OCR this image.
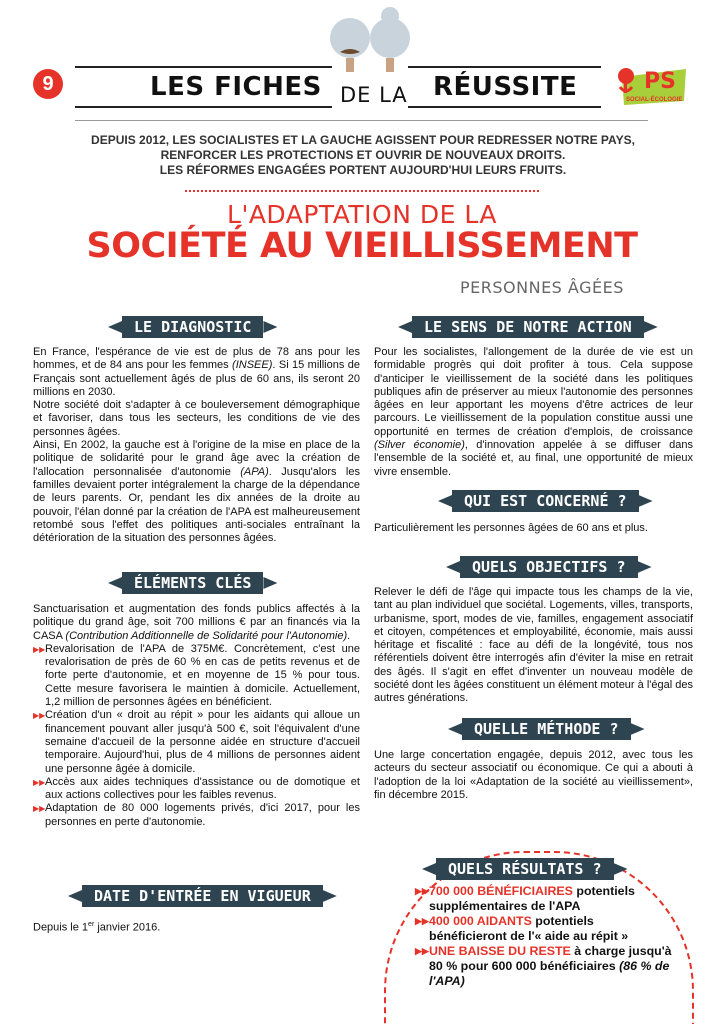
9	LES FICHES DE LA RÉUSSITE	PS
SOCIAL-ÉCOLOGIE
DEPUIS 2012, LES SOCIALISTES ET LA GAUCHE AGISSENT POUR REDRESSER NOTRE PAYS,
RENFORCER LES PROTECTIONS ET OUVRIR DE NOUVEAUX DROITS.
LES RÉFORMES ENGAGÉES PORTENT AUJOURD'HUI LEURS FRUITS.
L'ADAPTATION DE LA
SOCIÉTÉ AU VIEILLISSEMENT
PERSONNES ÂGÉES
LE DIAGNOSTIC

En France, l'espérance de vie est de plus de 78 ans pour les hommes, et de 84 ans pour les femmes (INSEE). Si 15 millions de Français sont actuellement âgés de plus de 60 ans, ils seront 20 millions en 2030.

Notre société doit s'adapter à ce bouleversement démographique et favoriser, dans tous les secteurs, les conditions de vie des personnes âgées.

Ainsi, En 2002, la gauche est à l'origine de la mise en place de la politique de solidarité pour le grand âge avec la création de l'allocation personnalisée d'autonomie (APA). Jusqu'alors les familles devaient porter intégralement la charge de la dépendance de leurs parents. Or, pendant les dix années de la droite au pouvoir, l'élan donné par la création de l'APA est malheureusement retombé sous l'effet des politiques anti-sociales entraînant la détérioration de la situation des personnes âgées.

ÉLÉMENTS CLÉS

Sanctuarisation et augmentation des fonds publics affectés à la politique du grand âge, soit 700 millions € par an financés via la CASA (Contribution Additionnelle de Solidarité pour l'Autonomie).

▶▶ Revalorisation de l'APA de 375M€. Concrètement, c'est une revalorisation de près de 60 % en cas de petits revenus et de forte perte d'autonomie, et en moyenne de 15 % pour tous. Cette mesure favorisera le maintien à domicile. Actuellement, 1,2 million de personnes âgées en bénéficient.
▶▶ Création d'un « droit au répit » pour les aidants qui alloue un financement pouvant aller jusqu'à 500 €, soit l'équivalent d'une semaine d'accueil de la personne aidée en structure d'accueil temporaire. Aujourd'hui, plus de 4 millions de personnes aident une personne âgée à domicile.
▶▶ Accès aux aides techniques d'assistance ou de domotique et aux actions collectives pour les faibles revenus.
▶▶ Adaptation de 80 000 logements privés, d'ici 2017, pour les personnes en perte d'autonomie.
DATE D'ENTRÉE EN VIGUEUR
Depuis le 1er janvier 2016.
LE SENS DE NOTRE ACTION

Pour les socialistes, l'allongement de la durée de vie est un formidable progrès qui doit profiter à tous. Cela suppose d'anticiper le vieillissement de la société dans les politiques publiques afin de préserver au mieux l'autonomie des personnes âgées en leur apportant les moyens d'être actrices de leur parcours. Le vieillissement de la population constitue aussi une opportunité en termes de création d'emplois, de croissance (Silver économie), d'innovation appelée à se diffuser dans l'ensemble de la société et, au final, une opportunité de mieux vivre ensemble.

QUI EST CONCERNÉ ?
Particulièrement les personnes âgées de 60 ans et plus.
QUELS OBJECTIFS ?
Relever le défi de l'âge qui impacte tous les champs de la vie, tant au plan individuel que sociétal. Logements, villes, transports, urbanisme, sport, modes de vie, familles, engagement associatif et citoyen, compétences et employabilité, économie, mais aussi héritage et fiscalité : face au défi de la longévité, tous nos référentiels doivent être interrogés afin d'éviter la mise en retrait des âgés. Il s'agit en effet d'inventer un nouveau modèle de société dont les âgées constituent un élément moteur à l'égal des autres générations.
QUELLE MÉTHODE ?
Une large concertation engagée, depuis 2012, avec tous les acteurs du secteur associatif ou économique. Ce qui a abouti à l'adoption de la loi «Adaptation de la société au vieillissement», fin décembre 2015.
QUELS RÉSULTATS ?
▶▶ 700 000 BÉNÉFICIAIRES potentiels supplémentaires de l'APA
▶▶ 400 000 AIDANTS potentiels bénéficieront de l'« aide au répit »
▶▶ UNE BAISSE DU RESTE à charge jusqu'à 80 % pour 600 000 bénéficiaires (86 % de l'APA)
